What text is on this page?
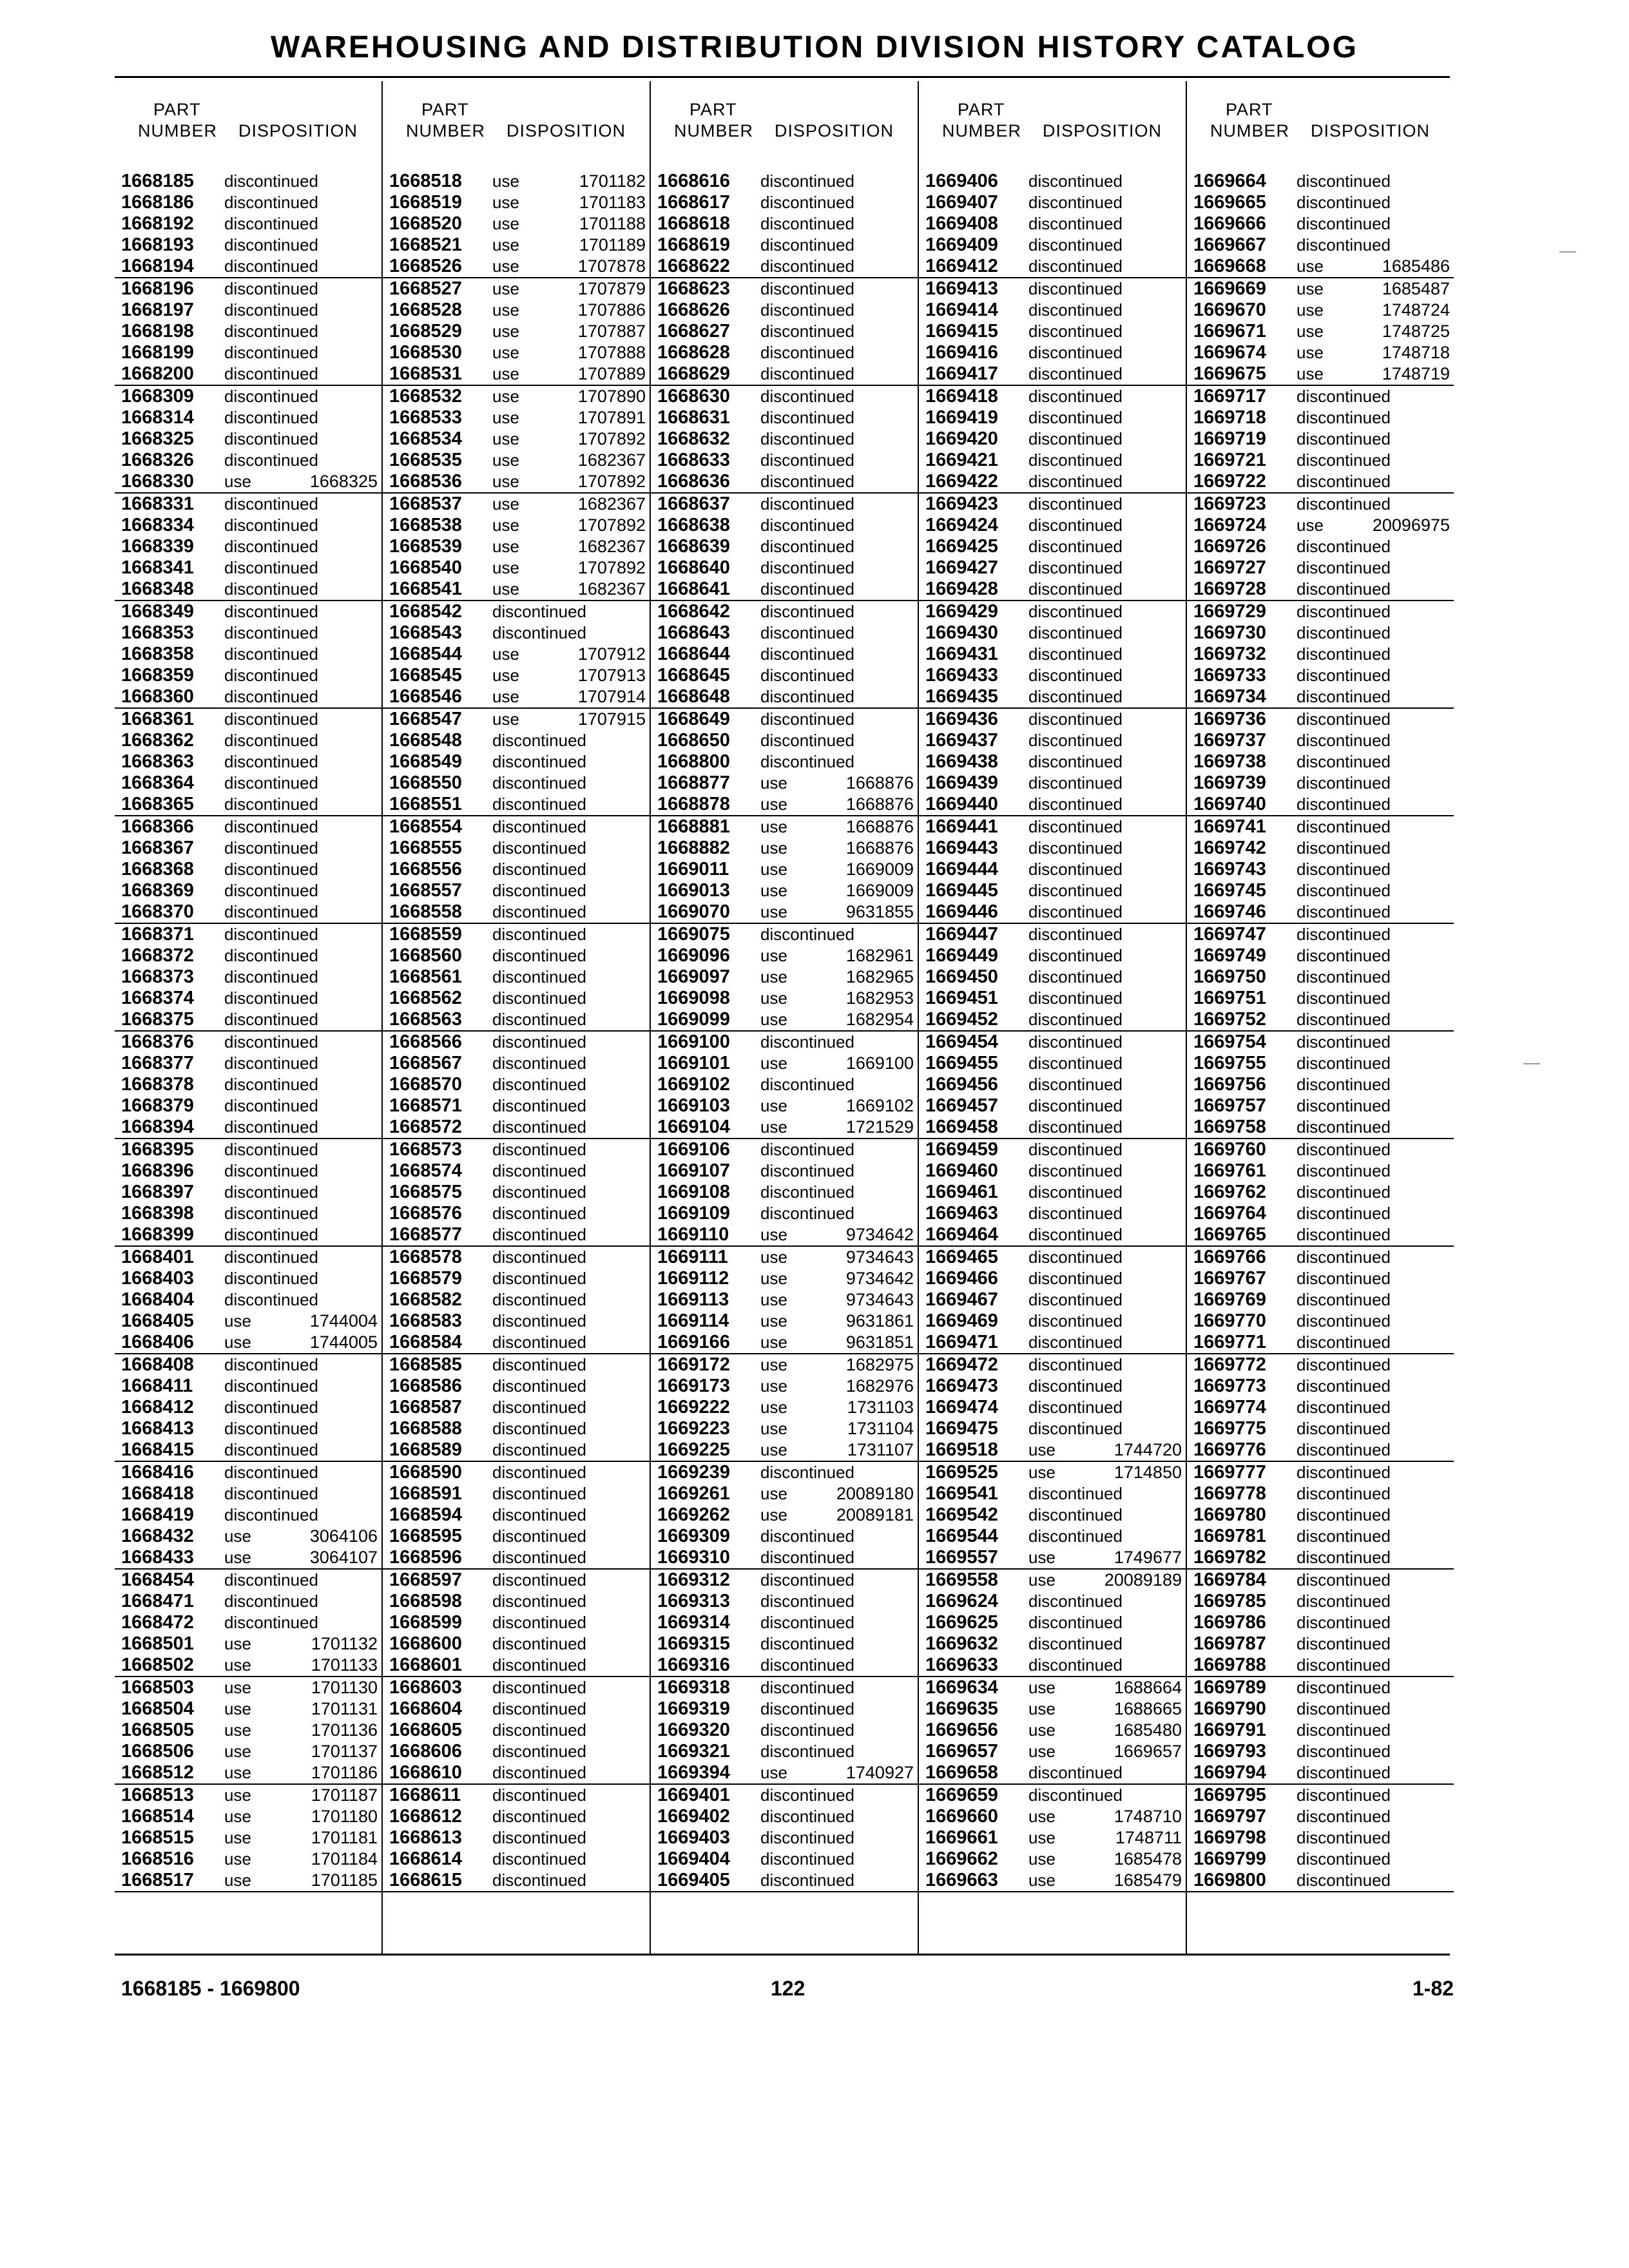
WAREHOUSING AND DISTRIBUTION DIVISION HISTORY CATALOG
PART
NUMBER DISPOSITION
1668185 discontinued
1668186 discontinued
1668192 discontinued
1668193 discontinued
1668194 discontinued
1668196 discontinued
1668197 discontinued
1668198 discontinued
1668199 discontinued
1668200 discontinued
1668309 discontinued
1668314 discontinued
1668325 discontinued
1668326 discontinued
1668330 use	1668325
1668331 discontinued
1668334 discontinued
1668339 discontinued
1668341 discontinued
1668348 discontinued
1668349 discontinued
1668353 discontinued
1668358 discontinued
1668359 discontinued
1668360 discontinued
1668361 discontinued
1668362 discontinued
1668363 discontinued
1668364 discontinued
1668365 discontinued
1668366 discontinued
1668367 discontinued
1668368 discontinued
1668369 discontinued
1668370 discontinued
1668371 discontinued
1668372 discontinued
1668373 discontinued
1668374 discontinued
1668375 discontinued
1668376 discontinued
1668377 discontinued
1668378 discontinued
1668379 discontinued
1668394 discontinued
1668395 discontinued
1668396 discontinued
1668397 discontinued
1668398 discontinued
1668399 discontinued
1668401 discontinued
1668403 discontinued
1668404 discontinued
1668405 use	1744004
1668406 use	1744005
1668408 discontinued
1668411 discontinued
1668412 discontinued
1668413 discontinued
1668415 discontinued
1668416 discontinued
1668418 discontinued
1668419 discontinued
1668432 use	3064106
1668433 use	3064107
1668454 discontinued
1668471 discontinued
1668472 discontinued
1668501 use	1701132
1668502 use	1701133
1668503 use	1701130
1668504 use	1701131
1668505 use	1701136
1668506 use	1701137
1668512 use	1701186
1668513 use	1701187
1668514 use	1701180
1668515 use	1701181
1668516 use	1701184
1668517 use	1701185
PART
NUMBER DISPOSITION
1668518 use	1701182
1668519 use	1701183
1668520 use	1701188
1668521 use	1701189
1668526 use	1707878
1668527 use	1707879
1668528 use	1707886
1668529 use	1707887
1668530 use	1707888
1668531 use	1707889
1668532 use	1707890
1668533 use	1707891
1668534 use	1707892
1668535 use	1682367
1668536 use	1707892
1668537 use	1682367
1668538 use	1707892
1668539 use	1682367
1668540 use	1707892
1668541 use	1682367
1668542 discontinued
1668543 discontinued
1668544 use	1707912
1668545 use	1707913
1668546 use	1707914
1668547 use	1707915
1668548 discontinued
1668549 discontinued
1668550 discontinued
1668551 discontinued
1668554 discontinued
1668555 discontinued
1668556 discontinued
1668557 discontinued
1668558 discontinued
1668559 discontinued
1668560 discontinued
1668561 discontinued
1668562 discontinued
1668563 discontinued
1668566 discontinued
1668567 discontinued
1668570 discontinued
1668571 discontinued
1668572 discontinued
1668573 discontinued
1668574 discontinued
1668575 discontinued
1668576 discontinued
1668577 discontinued
1668578 discontinued
1668579 discontinued
1668582 discontinued
1668583 discontinued
1668584 discontinued
1668585 discontinued
1668586 discontinued
1668587 discontinued
1668588 discontinued
1668589 discontinued
1668590 discontinued
1668591 discontinued
1668594 discontinued
1668595 discontinued
1668596 discontinued
1668597 discontinued
1668598 discontinued
1668599 discontinued
1668600 discontinued
1668601 discontinued
1668603 discontinued
1668604 discontinued
1668605 discontinued
1668606 discontinued
1668610 discontinued
1668611 discontinued
1668612 discontinued
1668613 discontinued
1668614 discontinued
1668615 discontinued
PART
NUMBER DISPOSITION
1668616 discontinued
1668617 discontinued
1668618 discontinued
1668619 discontinued
1668622 discontinued
1668623 discontinued
1668626 discontinued
1668627 discontinued
1668628 discontinued
1668629 discontinued
1668630 discontinued
1668631 discontinued
1668632 discontinued
1668633 discontinued
1668636 discontinued
1668637 discontinued
1668638 discontinued
1668639 discontinued
1668640 discontinued
1668641 discontinued
1668642 discontinued
1668643 discontinued
1668644 discontinued
1668645 discontinued
1668648 discontinued
1668649 discontinued
1668650 discontinued
1668800 discontinued
1668877 use	1668876
1668878 use	1668876
1668881 use	1668876
1668882 use	1668876
1669011 use	1669009
1669013 use	1669009
1669070 use	9631855
1669075 discontinued
1669096 use	1682961
1669097 use	1682965
1669098 use	1682953
1669099 use	1682954
1669100 discontinued
1669101 use	1669100
1669102 discontinued
1669103 use	1669102
1669104 use	1721529
1669106 discontinued
1669107 discontinued
1669108 discontinued
1669109 discontinued
1669110 use	9734642
1669111 use	9734643
1669112 use	9734642
1669113 use	9734643
1669114 use	9631861
1669166 use	9631851
1669172 use	1682975
1669173 use	1682976
1669222 use	1731103
1669223 use	1731104
1669225 use	1731107
1669239 discontinued
1669261 use	20089180
1669262 use	20089181
1669309 discontinued
1669310 discontinued
1669312 discontinued
1669313 discontinued
1669314 discontinued
1669315 discontinued
1669316 discontinued
1669318 discontinued
1669319 discontinued
1669320 discontinued
1669321 discontinued
1669394 use	1740927
1669401 discontinued
1669402 discontinued
1669403 discontinued
1669404 discontinued
1669405 discontinued
PART
NUMBER DISPOSITION
1669406 discontinued
1669407 discontinued
1669408 discontinued
1669409 discontinued
1669412 discontinued
1669413 discontinued
1669414 discontinued
1669415 discontinued
1669416 discontinued
1669417 discontinued
1669418 discontinued
1669419 discontinued
1669420 discontinued
1669421 discontinued
1669422 discontinued
1669423 discontinued
1669424 discontinued
1669425 discontinued
1669427 discontinued
1669428 discontinued
1669429 discontinued
1669430 discontinued
1669431 discontinued
1669433 discontinued
1669435 discontinued
1669436 discontinued
1669437 discontinued
1669438 discontinued
1669439 discontinued
1669440 discontinued
1669441 discontinued
1669443 discontinued
1669444 discontinued
1669445 discontinued
1669446 discontinued
1669447 discontinued
1669449 discontinued
1669450 discontinued
1669451 discontinued
1669452 discontinued
1669454 discontinued
1669455 discontinued
1669456 discontinued
1669457 discontinued
1669458 discontinued
1669459 discontinued
1669460 discontinued
1669461 discontinued
1669463 discontinued
1669464 discontinued
1669465 discontinued
1669466 discontinued
1669467 discontinued
1669469 discontinued
1669471 discontinued
1669472 discontinued
1669473 discontinued
1669474 discontinued
1669475 discontinued
1669518 use	1744720
1669525 use	1714850
1669541 discontinued
1669542 discontinued
1669544 discontinued
1669557 use	1749677
1669558 use	20089189
1669624 discontinued
1669625 discontinued
1669632 discontinued
1669633 discontinued
1669634 use	1688664
1669635 use	1688665
1669656 use	1685480
1669657 use	1669657
1669658 discontinued
1669659 discontinued
1669660 use	1748710
1669661 use	1748711
1669662 use	1685478
1669663 use	1685479
PART
NUMBER DISPOSITION
1669664 discontinued
1669665 discontinued
1669666 discontinued
1669667 discontinued
1669668 use	1685486
1669669 use	1685487
1669670 use	1748724
1669671 use	1748725
1669674 use	1748718
1669675 use	1748719
1669717 discontinued
1669718 discontinued
1669719 discontinued
1669721 discontinued
1669722 discontinued
1669723 discontinued
1669724 use	20096975
1669726 discontinued
1669727 discontinued
1669728 discontinued
1669729 discontinued
1669730 discontinued
1669732 discontinued
1669733 discontinued
1669734 discontinued
1669736 discontinued
1669737 discontinued
1669738 discontinued
1669739 discontinued
1669740 discontinued
1669741 discontinued
1669742 discontinued
1669743 discontinued
1669745 discontinued
1669746 discontinued
1669747 discontinued
1669749 discontinued
1669750 discontinued
1669751 discontinued
1669752 discontinued
1669754 discontinued
1669755 discontinued
1669756 discontinued
1669757 discontinued
1669758 discontinued
1669760 discontinued
1669761 discontinued
1669762 discontinued
1669764 discontinued
1669765 discontinued
1669766 discontinued
1669767 discontinued
1669769 discontinued
1669770 discontinued
1669771 discontinued
1669772 discontinued
1669773 discontinued
1669774 discontinued
1669775 discontinued
1669776 discontinued
1669777 discontinued
1669778 discontinued
1669780 discontinued
1669781 discontinued
1669782 discontinued
1669784 discontinued
1669785 discontinued
1669786 discontinued
1669787 discontinued
1669788 discontinued
1669789 discontinued
1669790 discontinued
1669791 discontinued
1669793 discontinued
1669794 discontinued
1669795 discontinued
1669797 discontinued
1669798 discontinued
1669799 discontinued
1669800 discontinued
1668185 - 1669800	122	1-82
